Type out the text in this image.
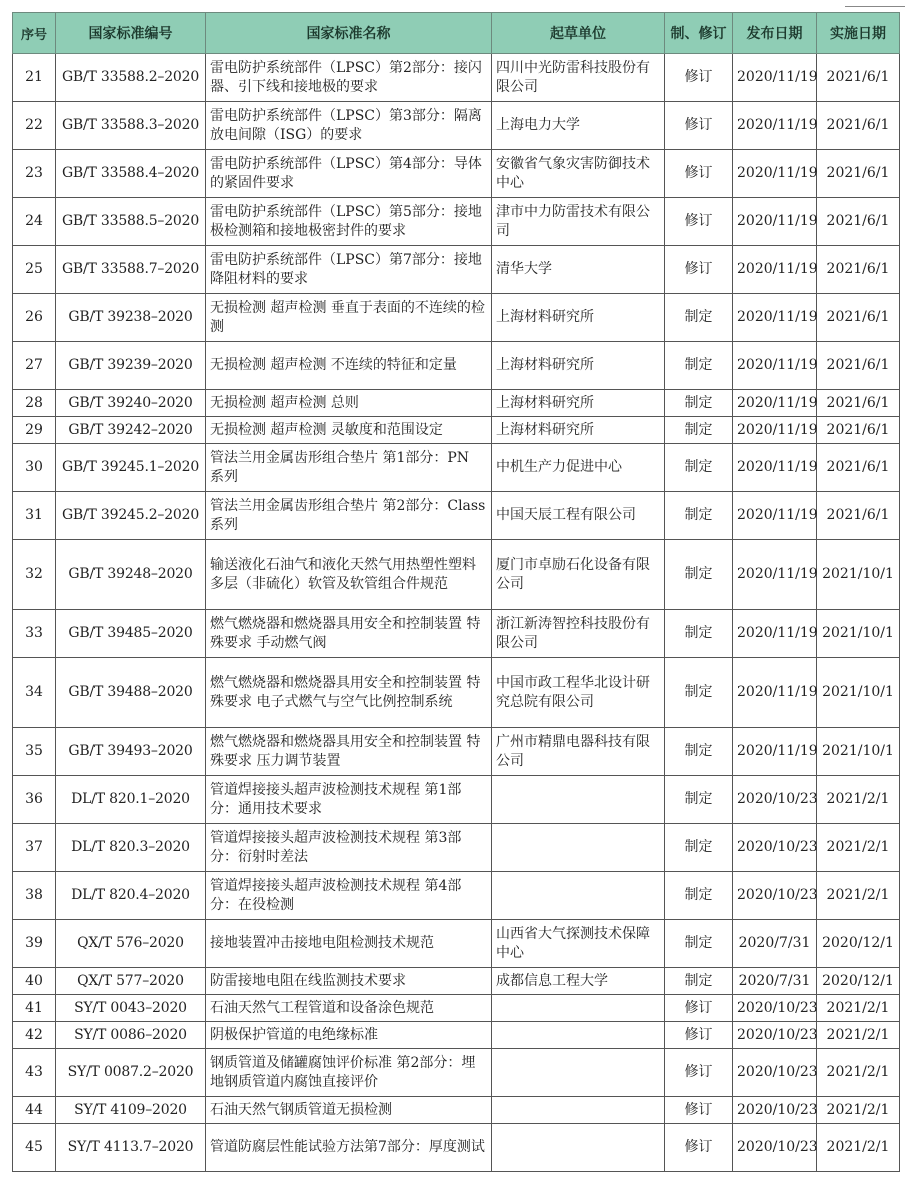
序号	国家标准编号	国家标准名称	起草单位	制、修订	发布日期	实施日期
21	GB/T 33588.2–2020	雷电防护系统部件（LPSC）第2部分：接闪器、引下线和接地极的要求	四川中光防雷科技股份有限公司	修订	2020/11/19	2021/6/1
22	GB/T 33588.3–2020	雷电防护系统部件（LPSC）第3部分：隔离放电间隙（ISG）的要求	上海电力大学	修订	2020/11/19	2021/6/1
23	GB/T 33588.4–2020	雷电防护系统部件（LPSC）第4部分：导体的紧固件要求	安徽省气象灾害防御技术中心	修订	2020/11/19	2021/6/1
24	GB/T 33588.5–2020	雷电防护系统部件（LPSC）第5部分：接地极检测箱和接地极密封件的要求	津市中力防雷技术有限公司	修订	2020/11/19	2021/6/1
25	GB/T 33588.7–2020	雷电防护系统部件（LPSC）第7部分：接地降阻材料的要求	清华大学	修订	2020/11/19	2021/6/1
26	GB/T 39238–2020	无损检测 超声检测 垂直于表面的不连续的检测	上海材料研究所	制定	2020/11/19	2021/6/1
27	GB/T 39239–2020	无损检测 超声检测 不连续的特征和定量	上海材料研究所	制定	2020/11/19	2021/6/1
28	GB/T 39240–2020	无损检测 超声检测 总则	上海材料研究所	制定	2020/11/19	2021/6/1
29	GB/T 39242–2020	无损检测 超声检测 灵敏度和范围设定	上海材料研究所	制定	2020/11/19	2021/6/1
30	GB/T 39245.1–2020	管法兰用金属齿形组合垫片 第1部分：PN 系列	中机生产力促进中心	制定	2020/11/19	2021/6/1
31	GB/T 39245.2–2020	管法兰用金属齿形组合垫片 第2部分：Class 系列	中国天辰工程有限公司	制定	2020/11/19	2021/6/1
32	GB/T 39248–2020	输送液化石油气和液化天然气用热塑性塑料多层（非硫化）软管及软管组合件规范	厦门市卓励石化设备有限公司	制定	2020/11/19	2021/10/1
33	GB/T 39485–2020	燃气燃烧器和燃烧器具用安全和控制装置 特殊要求 手动燃气阀	浙江新涛智控科技股份有限公司	制定	2020/11/19	2021/10/1
34	GB/T 39488–2020	燃气燃烧器和燃烧器具用安全和控制装置 特殊要求 电子式燃气与空气比例控制系统	中国市政工程华北设计研究总院有限公司	制定	2020/11/19	2021/10/1
35	GB/T 39493–2020	燃气燃烧器和燃烧器具用安全和控制装置 特殊要求 压力调节装置	广州市精鼎电器科技有限公司	制定	2020/11/19	2021/10/1
36	DL/T 820.1–2020	管道焊接接头超声波检测技术规程 第1部分：通用技术要求		制定	2020/10/23	2021/2/1
37	DL/T 820.3–2020	管道焊接接头超声波检测技术规程 第3部分：衍射时差法		制定	2020/10/23	2021/2/1
38	DL/T 820.4–2020	管道焊接接头超声波检测技术规程 第4部分：在役检测		制定	2020/10/23	2021/2/1
39	QX/T 576–2020	接地装置冲击接地电阻检测技术规范	山西省大气探测技术保障中心	制定	2020/7/31	2020/12/1
40	QX/T 577–2020	防雷接地电阻在线监测技术要求	成都信息工程大学	制定	2020/7/31	2020/12/1
41	SY/T 0043–2020	石油天然气工程管道和设备涂色规范		修订	2020/10/23	2021/2/1
42	SY/T 0086–2020	阴极保护管道的电绝缘标准		修订	2020/10/23	2021/2/1
43	SY/T 0087.2–2020	钢质管道及储罐腐蚀评价标准 第2部分：埋地钢质管道内腐蚀直接评价		修订	2020/10/23	2021/2/1
44	SY/T 4109–2020	石油天然气钢质管道无损检测		修订	2020/10/23	2021/2/1
45	SY/T 4113.7–2020	管道防腐层性能试验方法第7部分：厚度测试		修订	2020/10/23	2021/2/1
